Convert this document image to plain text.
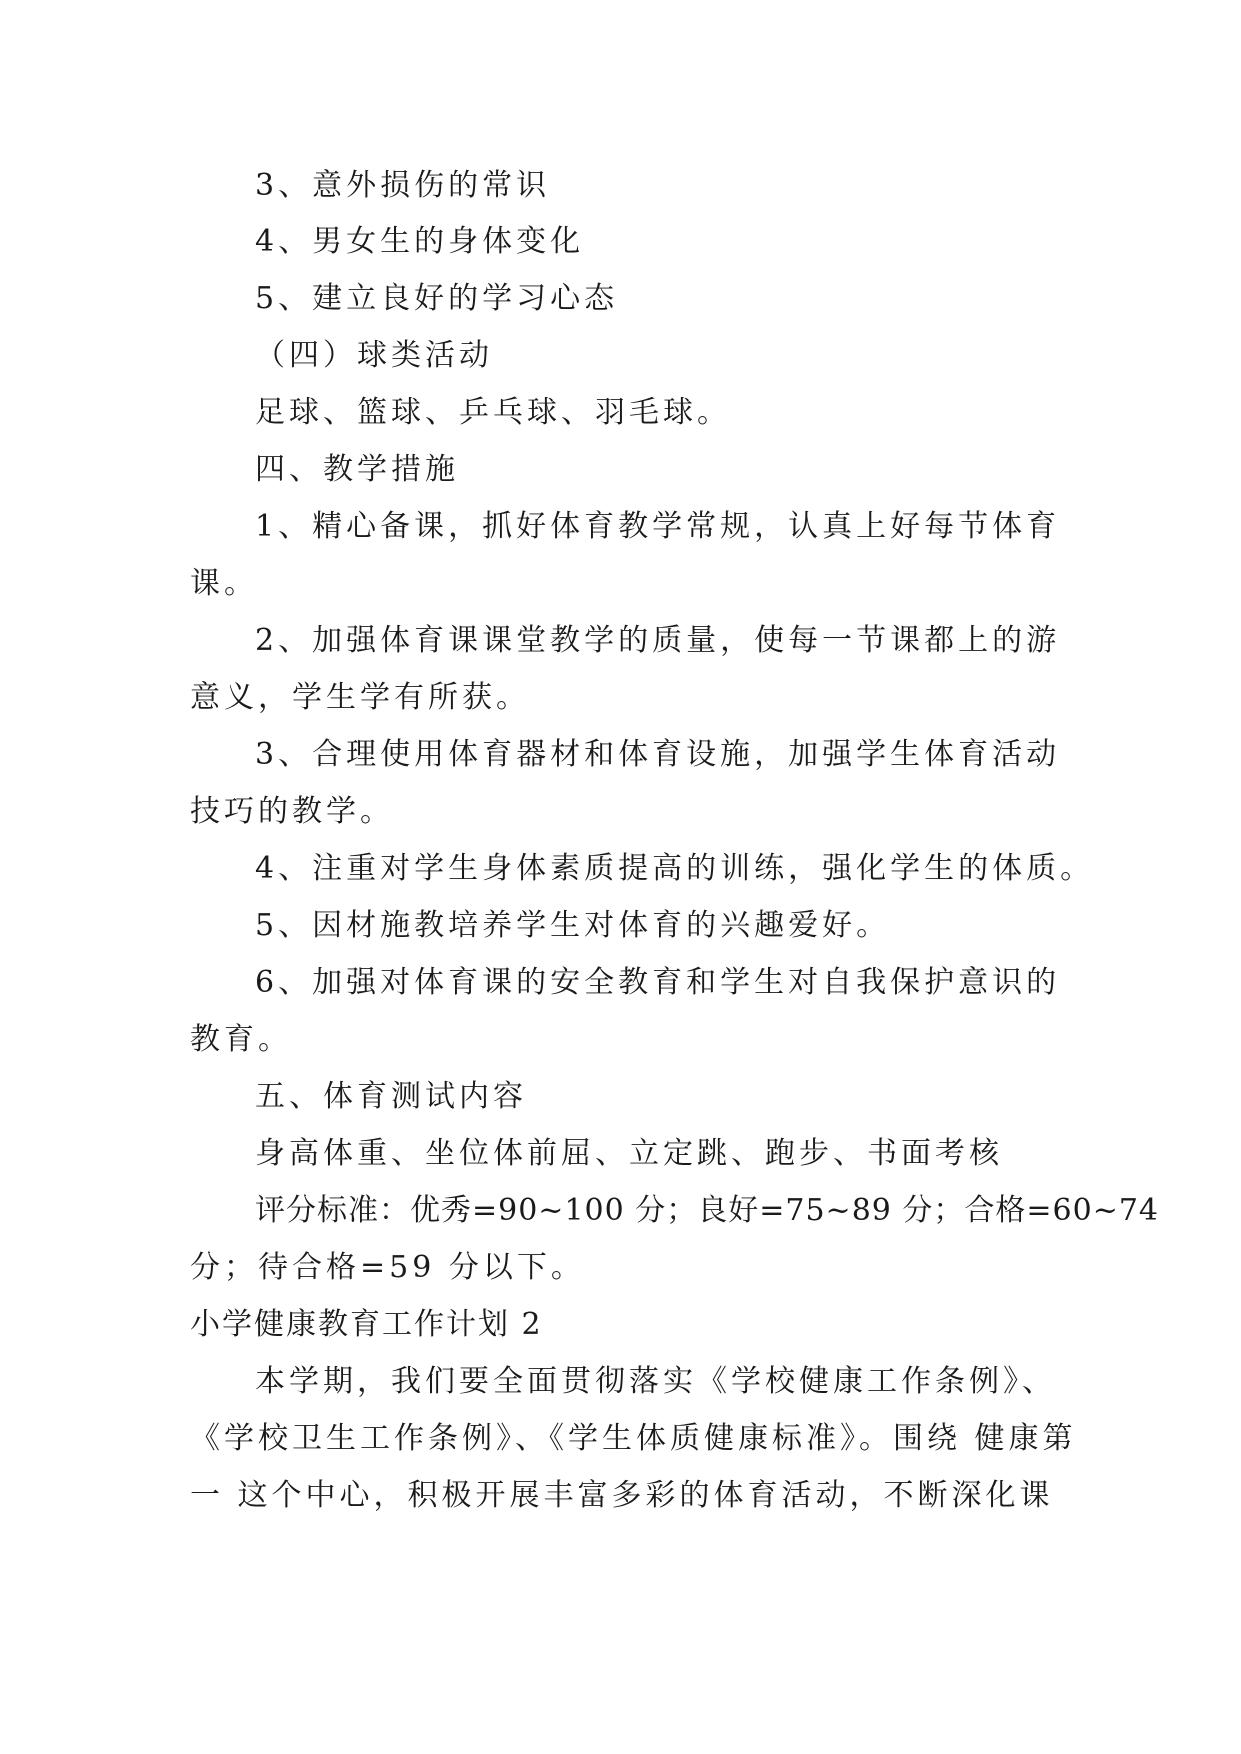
3、意外损伤的常识
4、男女生的身体变化
5、建立良好的学习心态
（四）球类活动
足球、篮球、乒乓球、羽毛球。
四、教学措施
1、精心备课，抓好体育教学常规，认真上好每节体育
课。
2、加强体育课课堂教学的质量，使每一节课都上的游
意义，学生学有所获。
3、合理使用体育器材和体育设施，加强学生体育活动
技巧的教学。
4、注重对学生身体素质提高的训练，强化学生的体质。
5、因材施教培养学生对体育的兴趣爱好。
6、加强对体育课的安全教育和学生对自我保护意识的
教育。
五、体育测试内容
身高体重、坐位体前屈、立定跳、跑步、书面考核
评分标准：优秀=90~100 分；良好=75~89 分；合格=60~74
分；待合格=59 分以下。
小学健康教育工作计划 2
本学期，我们要全面贯彻落实《学校健康工作条例》、
《学校卫生工作条例》、《学生体质健康标准》。围绕 健康第
一 这个中心，积极开展丰富多彩的体育活动，不断深化课
